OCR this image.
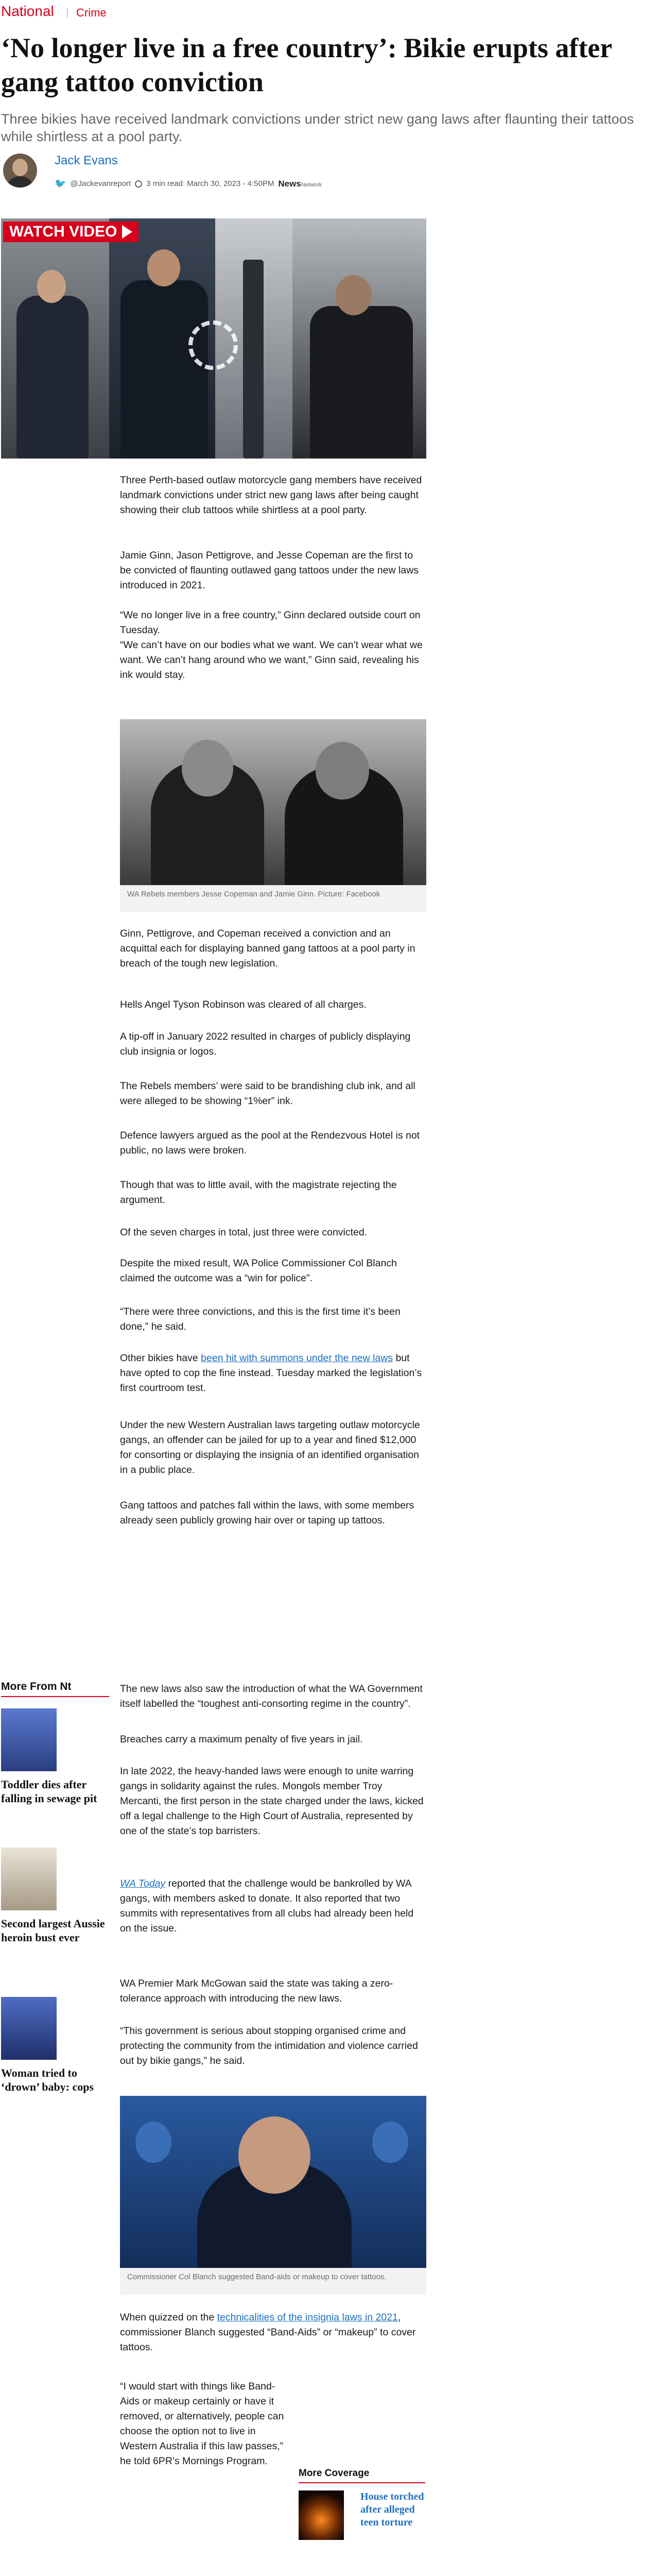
National Crime
‘No longer live in a free country’: Bikie erupts after gang tattoo conviction
Three bikies have received landmark convictions under strict new gang laws after flaunting their tattoos while shirtless at a pool party.
Jack Evans
🐦 @Jackevanreport 3 min read March 30, 2023 - 4:50PM NewsNetwork
WATCH VIDEO

Three Perth-based outlaw motorcycle gang members have received landmark convictions under strict new gang laws after being caught showing their club tattoos while shirtless at a pool party.

Jamie Ginn, Jason Pettigrove, and Jesse Copeman are the first to be convicted of flaunting outlawed gang tattoos under the new laws introduced in 2021.

“We no longer live in a free country,” Ginn declared outside court on Tuesday.

“We can’t have on our bodies what we want. We can’t wear what we want. We can’t hang around who we want,” Ginn said, revealing his ink would stay.

WA Rebels members Jesse Copeman and Jamie Ginn. Picture: Facebook

Ginn, Pettigrove, and Copeman received a conviction and an acquittal each for displaying banned gang tattoos at a pool party in breach of the tough new legislation.

Hells Angel Tyson Robinson was cleared of all charges.

A tip-off in January 2022 resulted in charges of publicly displaying club insignia or logos.

The Rebels members’ were said to be brandishing club ink, and all were alleged to be showing “1%er” ink.

Defence lawyers argued as the pool at the Rendezvous Hotel is not public, no laws were broken.

Though that was to little avail, with the magistrate rejecting the argument.

Of the seven charges in total, just three were convicted.

Despite the mixed result, WA Police Commissioner Col Blanch claimed the outcome was a “win for police”.

“There were three convictions, and this is the first time it’s been done,” he said.

Other bikies have been hit with summons under the new laws but have opted to cop the fine instead. Tuesday marked the legislation’s first courtroom test.

Under the new Western Australian laws targeting outlaw motorcycle gangs, an offender can be jailed for up to a year and fined $12,000 for consorting or displaying the insignia of an identified organisation in a public place.

Gang tattoos and patches fall within the laws, with some members already seen publicly growing hair over or taping up tattoos.

The new laws also saw the introduction of what the WA Government itself labelled the “toughest anti-consorting regime in the country”.

Breaches carry a maximum penalty of five years in jail.

In late 2022, the heavy-handed laws were enough to unite warring gangs in solidarity against the rules. Mongols member Troy Mercanti, the first person in the state charged under the laws, kicked off a legal challenge to the High Court of Australia, represented by one of the state’s top barristers.

WA Today reported that the challenge would be bankrolled by WA gangs, with members asked to donate. It also reported that two summits with representatives from all clubs had already been held on the issue.

WA Premier Mark McGowan said the state was taking a zero-tolerance approach with introducing the new laws.

“This government is serious about stopping organised crime and protecting the community from the intimidation and violence carried out by bikie gangs,” he said.

Commissioner Col Blanch suggested Band-aids or makeup to cover tattoos.

When quizzed on the technicalities of the insignia laws in 2021, commissioner Blanch suggested “Band-Aids” or “makeup” to cover tattoos.

“I would start with things like Band-Aids or makeup certainly or have it removed, or alternatively, people can choose the option not to live in Western Australia if this law passes,” he told 6PR’s Mornings Program.

More Coverage
House torched after alleged teen torture
More From Nt
Toddler dies after falling in sewage pit
Second largest Aussie heroin bust ever
Woman tried to ‘drown’ baby: cops
